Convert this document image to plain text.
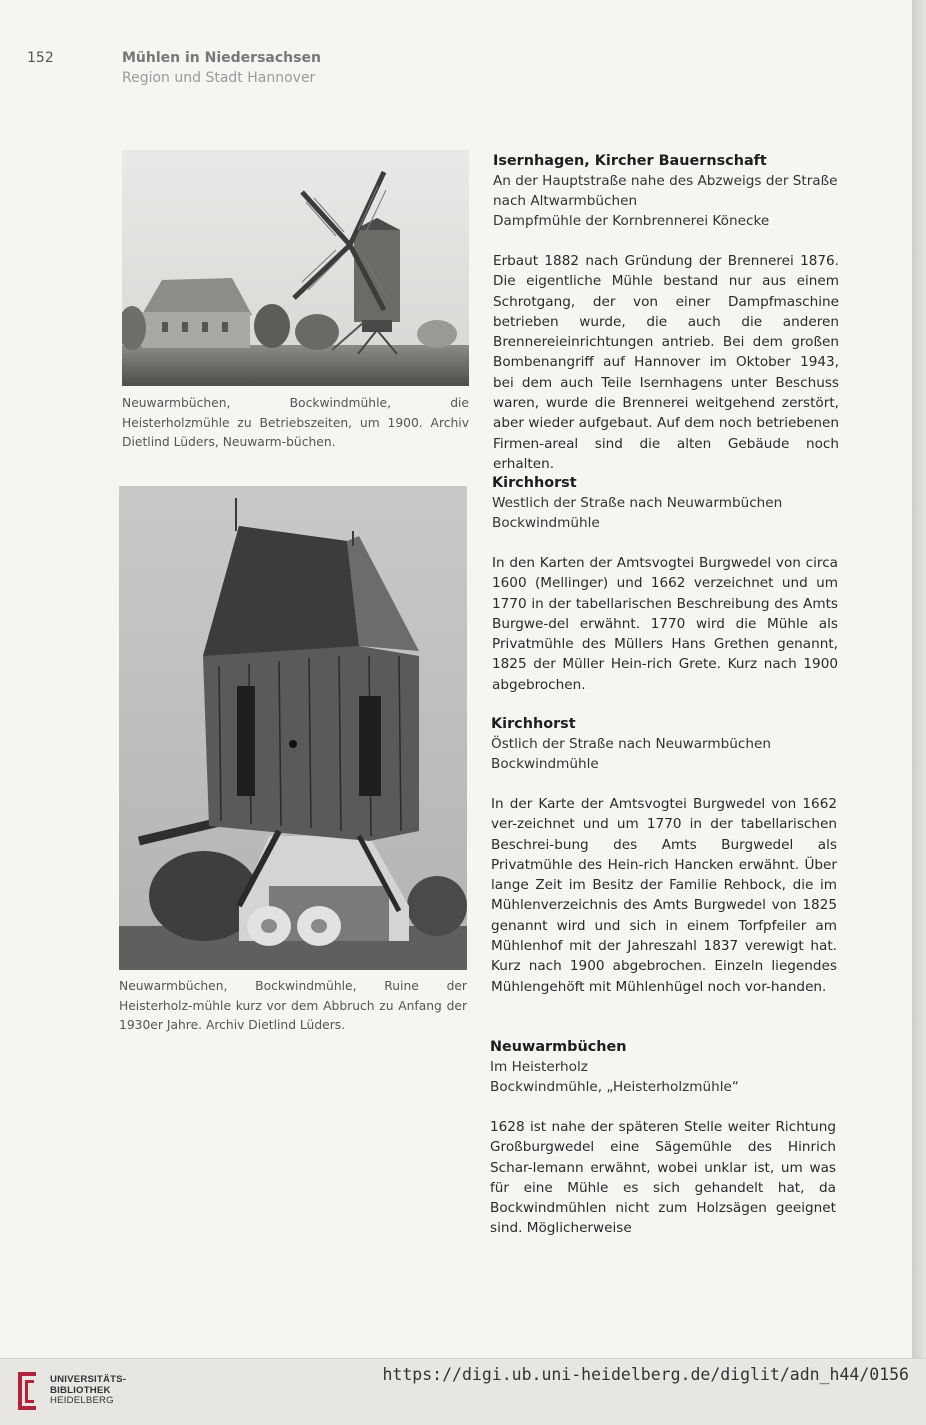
152	Mühlen in Niedersachsen
Region und Stadt Hannover

Neuwarmbüchen, Bockwindmühle, die Heisterholzmühle zu Betriebszeiten, um 1900. Archiv Dietlind Lüders, Neuwarm-büchen.

Neuwarmbüchen, Bockwindmühle, Ruine der Heisterholz-mühle kurz vor dem Abbruch zu Anfang der 1930er Jahre. Archiv Dietlind Lüders.

Isernhagen, Kircher Bauernschaft

An der Hauptstraße nahe des Abzweigs der Straße nach Altwarmbüchen

Dampfmühle der Kornbrennerei Könecke

Erbaut 1882 nach Gründung der Brennerei 1876. Die eigentliche Mühle bestand nur aus einem Schrotgang, der von einer Dampfmaschine betrieben wurde, die auch die anderen Brennereieinrichtungen antrieb. Bei dem großen Bombenangriff auf Hannover im Oktober 1943, bei dem auch Teile Isernhagens unter Beschuss waren, wurde die Brennerei weitgehend zerstört, aber wieder aufgebaut. Auf dem noch betriebenen Firmen-areal sind die alten Gebäude noch erhalten.

Kirchhorst

Westlich der Straße nach Neuwarmbüchen

Bockwindmühle

In den Karten der Amtsvogtei Burgwedel von circa 1600 (Mellinger) und 1662 verzeichnet und um 1770 in der tabellarischen Beschreibung des Amts Burgwe-del erwähnt. 1770 wird die Mühle als Privatmühle des Müllers Hans Grethen genannt, 1825 der Müller Hein-rich Grete. Kurz nach 1900 abgebrochen.

Kirchhorst

Östlich der Straße nach Neuwarmbüchen

Bockwindmühle

In der Karte der Amtsvogtei Burgwedel von 1662 ver-zeichnet und um 1770 in der tabellarischen Beschrei-bung des Amts Burgwedel als Privatmühle des Hein-rich Hancken erwähnt. Über lange Zeit im Besitz der Familie Rehbock, die im Mühlenverzeichnis des Amts Burgwedel von 1825 genannt wird und sich in einem Torfpfeiler am Mühlenhof mit der Jahreszahl 1837 verewigt hat. Kurz nach 1900 abgebrochen. Einzeln liegendes Mühlengehöft mit Mühlenhügel noch vor-handen.

Neuwarmbüchen

Im Heisterholz

Bockwindmühle, „Heisterholzmühle“

1628 ist nahe der späteren Stelle weiter Richtung Großburgwedel eine Sägemühle des Hinrich Schar-lemann erwähnt, wobei unklar ist, um was für eine Mühle es sich gehandelt hat, da Bockwindmühlen nicht zum Holzsägen geeignet sind. Möglicherweise

UNIVERSITÄTS-
BIBLIOTHEK
HEIDELBERG
https://digi.ub.uni-heidelberg.de/diglit/adn_h44/0156
